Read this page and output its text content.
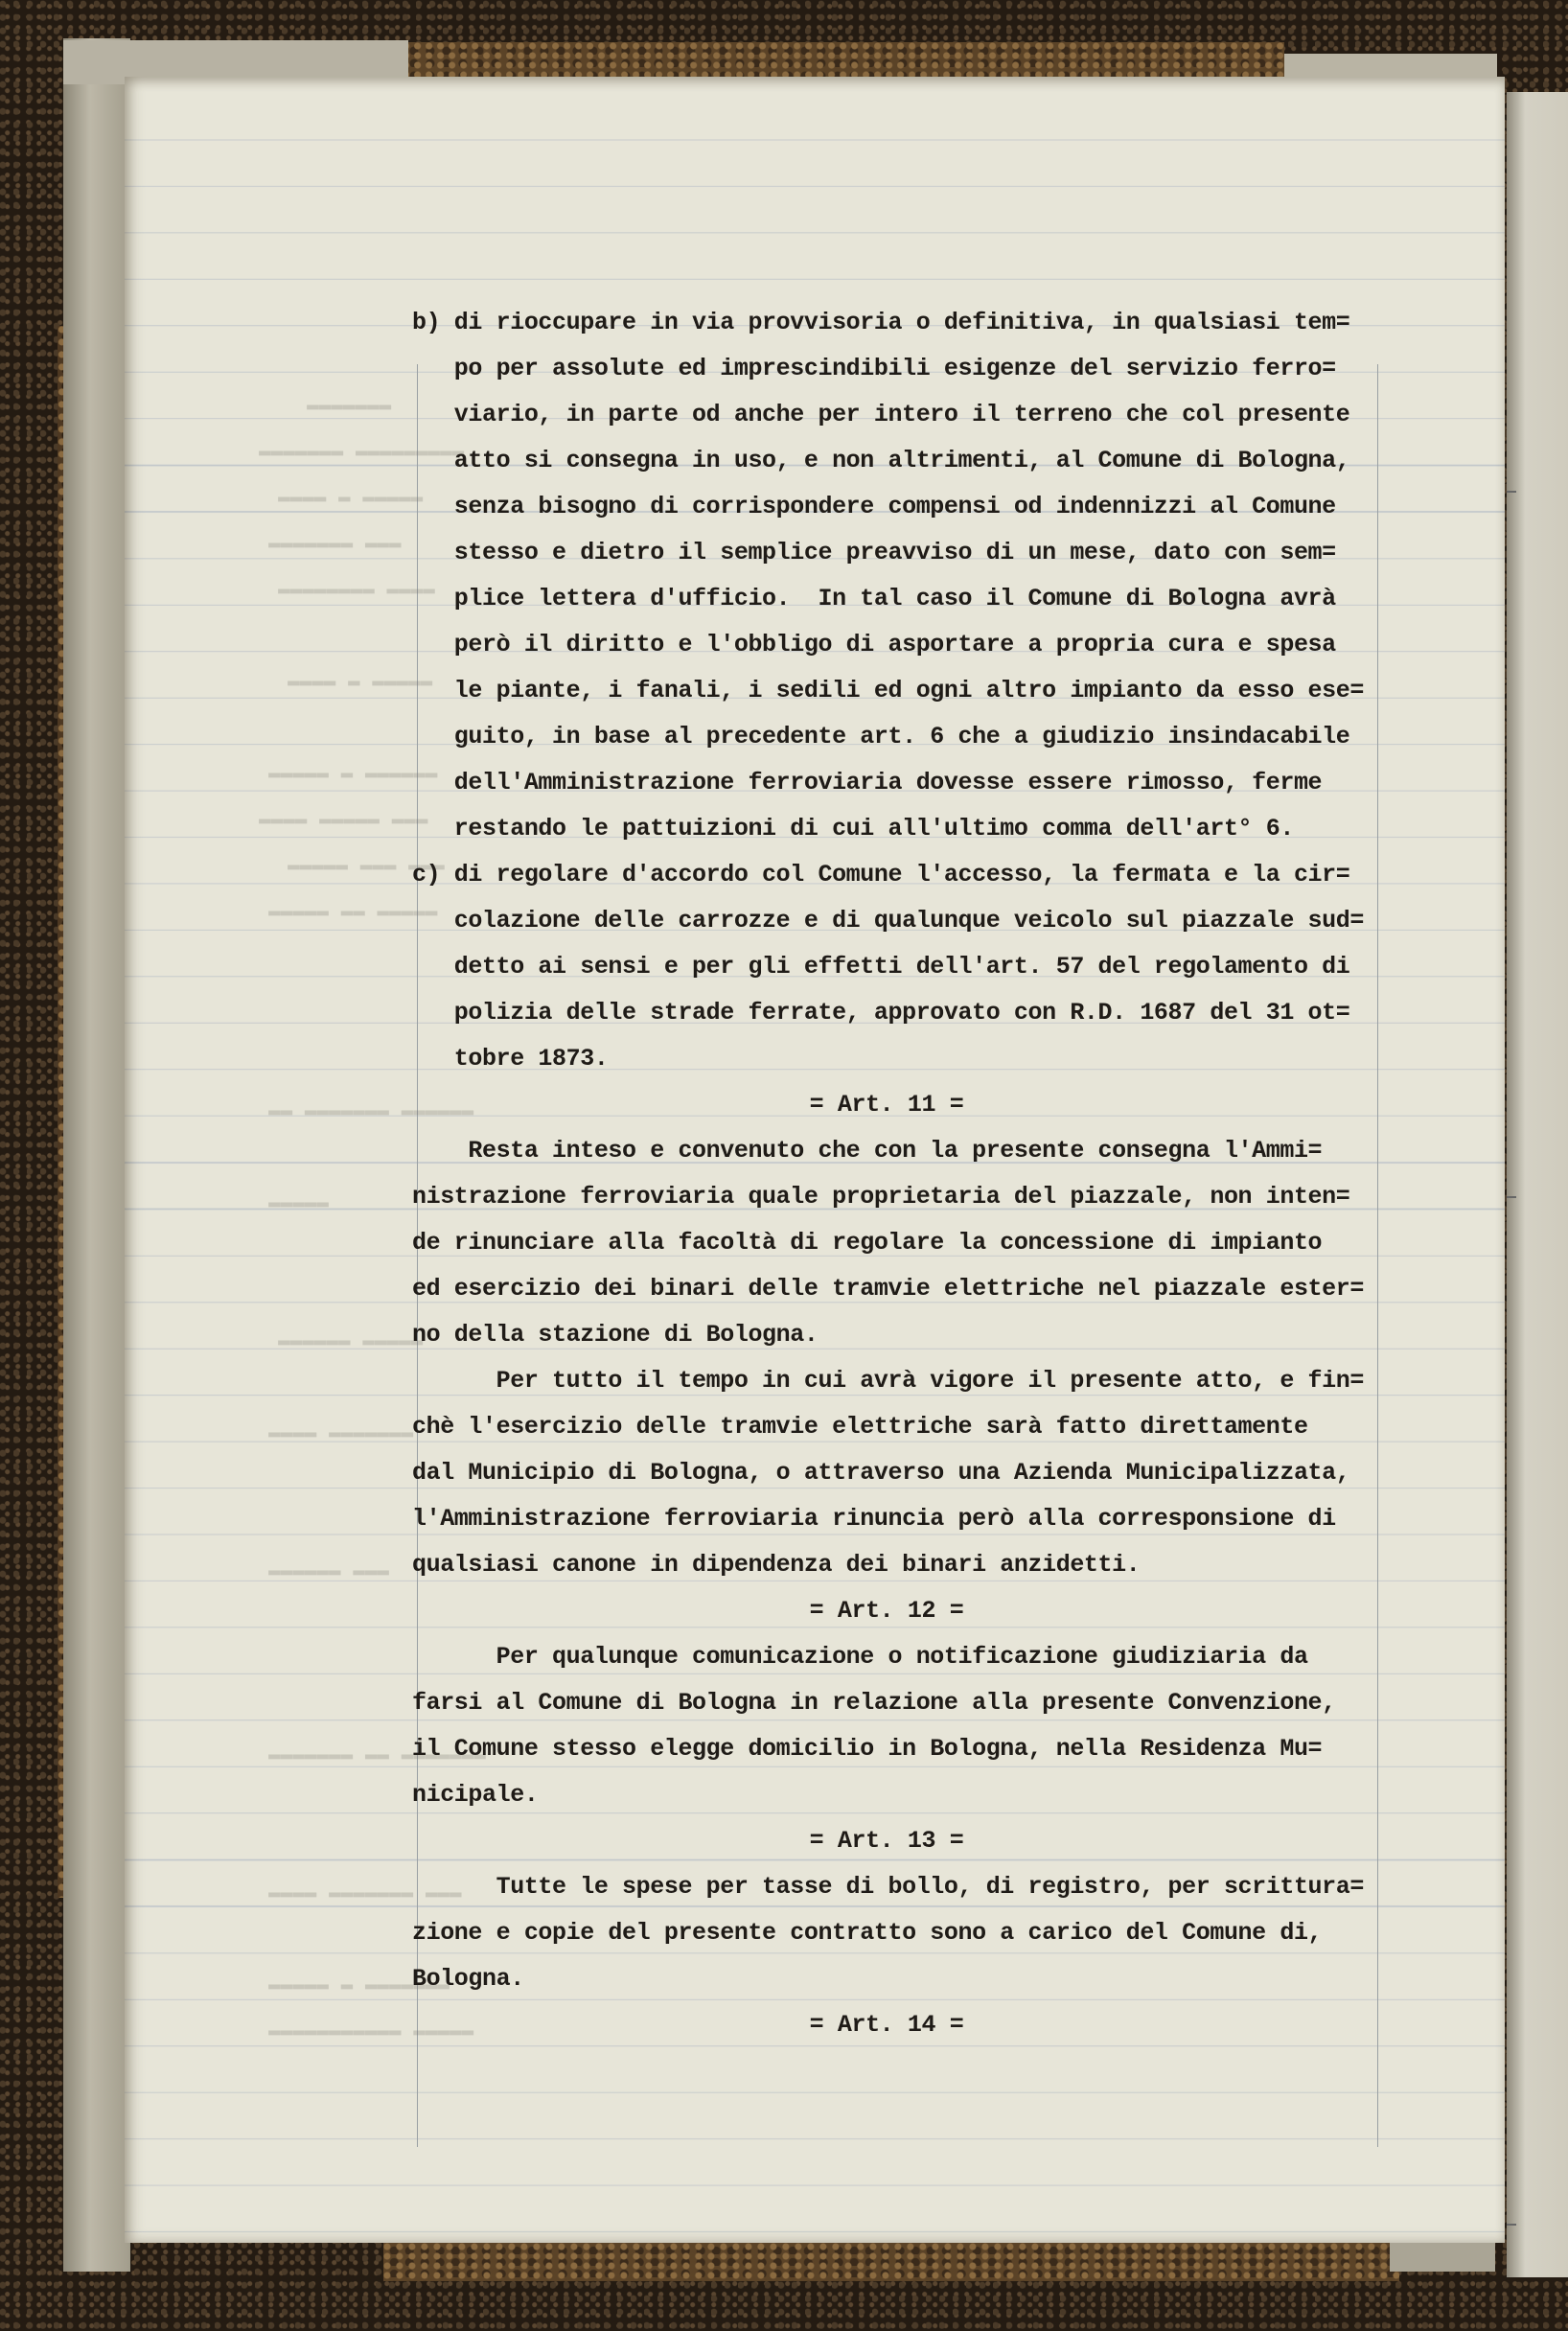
▬▬▬▬▬▬▬
▬▬▬▬▬▬▬ ▬▬▬▬▬▬▬▬▬
▬▬▬▬ ▬ ▬▬▬▬▬
▬▬▬▬▬▬▬ ▬▬▬
▬▬▬▬▬▬▬▬ ▬▬▬▬
▬▬▬▬ ▬ ▬▬▬▬▬
▬▬▬▬▬ ▬ ▬▬▬▬▬▬
▬▬▬▬ ▬▬▬▬▬ ▬▬▬
▬▬▬▬▬ ▬▬▬ ▬▬▬
▬▬▬▬▬ ▬▬ ▬▬▬▬▬
▬▬ ▬▬▬▬▬▬▬ ▬▬▬▬▬▬
▬▬▬▬▬
▬▬▬▬▬▬ ▬▬▬▬▬
▬▬▬▬ ▬▬▬▬▬▬▬
▬▬▬▬▬▬ ▬▬▬
▬▬▬▬▬▬▬ ▬▬ ▬▬▬▬▬▬▬
▬▬▬▬ ▬▬▬▬▬▬▬ ▬▬▬
▬▬▬▬▬ ▬ ▬▬▬▬▬▬▬
▬▬▬▬▬▬▬▬▬▬▬ ▬▬▬▬▬
b) di rioccupare in via provvisoria o definitiva, in qualsiasi tem=
po per assolute ed imprescindibili esigenze del servizio ferro=
viario, in parte od anche per intero il terreno che col presente
atto si consegna in uso, e non altrimenti, al Comune di Bologna,
senza bisogno di corrispondere compensi od indennizzi al Comune
stesso e dietro il semplice preavviso di un mese, dato con sem=
plice lettera d'ufficio.  In tal caso il Comune di Bologna avrà
però il diritto e l'obbligo di asportare a propria cura e spesa
le piante, i fanali, i sedili ed ogni altro impianto da esso ese=
guito, in base al precedente art. 6 che a giudizio insindacabile
dell'Amministrazione ferroviaria dovesse essere rimosso, ferme
restando le pattuizioni di cui all'ultimo comma dell'art° 6.
c) di regolare d'accordo col Comune l'accesso, la fermata e la cir=
colazione delle carrozze e di qualunque veicolo sul piazzale sud=
detto ai sensi e per gli effetti dell'art. 57 del regolamento di
polizia delle strade ferrate, approvato con R.D. 1687 del 31 ot=
tobre 1873.
= Art. 11 =
Resta inteso e convenuto che con la presente consegna l'Ammi=
nistrazione ferroviaria quale proprietaria del piazzale, non inten=
de rinunciare alla facoltà di regolare la concessione di impianto
ed esercizio dei binari delle tramvie elettriche nel piazzale ester=
no della stazione di Bologna.
Per tutto il tempo in cui avrà vigore il presente atto, e fin=
chè l'esercizio delle tramvie elettriche sarà fatto direttamente
dal Municipio di Bologna, o attraverso una Azienda Municipalizzata,
l'Amministrazione ferroviaria rinuncia però alla corresponsione di
qualsiasi canone in dipendenza dei binari anzidetti.
= Art. 12 =
Per qualunque comunicazione o notificazione giudiziaria da
farsi al Comune di Bologna in relazione alla presente Convenzione,
il Comune stesso elegge domicilio in Bologna, nella Residenza Mu=
nicipale.
= Art. 13 =
Tutte le spese per tasse di bollo, di registro, per scrittura=
zione e copie del presente contratto sono a carico del Comune di,
Bologna.
= Art. 14 =
